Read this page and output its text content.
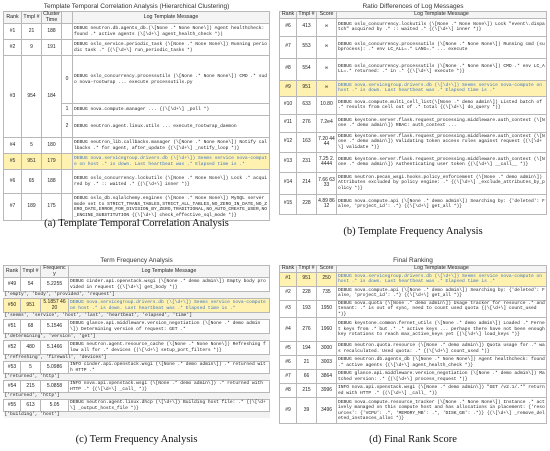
Template Temporal Correlation Analysis (Hierarchical Clustering)
Rank	Tmpl #	Cluster Time		Log Template Message
#1	21	188		DEBUG neutron.db.agents_db.(\[None .* None None\]) Agent healthcheck: found .* active agents (\[\d+\] agent_health_check *))
#2	9	191		DEBUG oslo_service.periodic_task (\[None .* None None\]) Running periodic task .* {(\[\d+\] run_periodic_tasks *)
#3	954	184	0	DEBUG oslo_concurrency.processutils (\[None .* None None\]) CMD .* sudo nova-rootwrap ... execute processutils.py
			1	DEBUG nova.compute.manager ... {(\[\d+\] _poll *)
			2	DEBUG neutron.agent.linux.utils ... execute_rootwrap_daemon
#4	5	180		DEBUG neutron_lib.callbacks.manager (\[None .* None None\]) Notify callbacks .* for agent, after_update {(\[\d+\] _notify_loop *)}
#5	951	179		DEBUG nova.servicegroup.drivers.db (\[\d+\]) Seems service nova-compute on host .* is down. Last heartbeat was .* Elapsed time is .*
#6	65	188		DEBUG oslo_concurrency.lockutils (\[None .* None None\]) Lock .* acquired by .* :: waited .* {(\[\d+\] inner *)}
#7	189	175		DEBUG oslo_db.sqlalchemy.engines (\[None .* None None\]) MySQL server mode set to STRICT_TRANS_TABLES,STRICT_ALL_TABLES,NO_ZERO_IN_DATE,NO_ZERO_DATE,ERROR_FOR_DIVISION_BY_ZERO,TRADITIONAL,NO_AUTO_CREATE_USER,NO_ENGINE_SUBSTITUTION {(\[\d+\] check_effective_sql_mode *)}
(a) Template Temporal Correlation Analysis
Ratio Differences of Log Messages
Rank	Tmpl #	Score	Log Template Message
#6	413	∞	DEBUG oslo_concurrency.lockutils (\[None .* None None\]) Lock "event\.dispatch" acquired by .* :: waited .* {(\[\d+\] inner *)}
#7	553	∞	DEBUG oslo_concurrency.processutils (\[None .* None None\]) Running cmd (subprocess): .* env LC_ALL=.* LANG=.* ... execute
#8	554	∞	DEBUG oslo_concurrency.processutils (\[None .* None None\]) CMD .* env LC_ALL=.* returned: .* in .* {(\[\d+\] execute *)}
#9	951	∞	DEBUG nova.servicegroup.drivers.db (\[\d+\]) Seems service nova-compute on host .* is down. Last heartbeat was .* Elapsed time is .*
#10	633	10.80	DEBUG nova.compute.multi_cell_list(\[None .* demo admin\]) Listed batch of .* results from cell out of .* total {(\[\d+\] do_query *)}
#11	276	7.2e4	DEBUG keystone.server.flask.request_processing.middleware.auth_context (\[None .* demo admin\]) RBAC: auth_context ...
#12	163	7.20 4444	DEBUG keystone.server.flask.request_processing.middleware.auth_context (\[None .* demo admin\]) Validating token access rules against request {(\[\d+\] validate *)}
#13	231	7.25 2.4444	DEBUG keystone.server.flask.request_processing.middleware.auth_context (\[None .* demo admin\]) Authenticating user token {(\[\d+\] __call__ *)}
#14	214	7.66 6333	DEBUG neutron.pecan_wsgi.hooks.policy_enforcement (\[None .* demo admin\]) Attributes excluded by policy engine: .* {(\[\d+\] _exclude_attributes_by_policy *)}
#15	228	4.89 8612	DEBUG nova.compute.api (\[None .* demo admin\]) Searching by: {'deleted': False, 'project_id': .*} {(\[\d+\] get_all *)}
(b) Template Frequency Analysis
Term Frequency Analysis
Rank	Tmpl #	Frequency	Log Template Message
#49	54	5.2255	DEBUG cinder.api.openstack.wsgi (\[None .* demo admin\]) Empty body provided in request {(\[\d+\] get_body *)}
['empty', 'body', 'provided', 'request']			
#50	951	5.1857 4620	DEBUG nova.servicegroup.drivers.db (\[\d+\]) Seems service nova-compute on host .* is down. Last heartbeat was .* Elapsed time is .*
['seems', 'service', 'host', 'last', 'heartbeat', 'elapsed', 'time']			
#51	68	5.1546	DEBUG glance.api.middleware.version_negotiation (\[None .* demo admin\]) Determining version of request: GET .*
['determining', 'version', 'get']			
#52	480	5.1466	DEBUG neutron.agent.resource_cache (\[None .* None None\]) Refreshing flow all for .* devices {(\[\d+\] setup_port_filters *)}
['refreshing', 'firewall', 'devices']			
#53	5	5.0986	INFO cinder.api.openstack.wsgi (\[None .* demo admin\]) .* returned with HTTP .*
['returned', 'http']			
#54	215	5.0858	INFO nova.api.openstack.wsgi (\[None .* demo admin\]) .* returned with HTTP .* {(\[\d+\] _call_ *)}
['returned', 'http']			
#55	613	5.05	DEBUG neutron.agent.linux.dhcp (\[\d+\]) Building host file: .* {(\[\d+\] _output_hosts_file *)}
['building', 'host']			
(c) Term Frequency Analysis
Final Ranking
Rank	Tmpl #	Score	Log Template Message
#1	951	250	DEBUG nova.servicegroup.drivers.db (\[\d+\]) Seems service nova-compute on host .* is down. Last heartbeat was .* Elapsed time is .*
#2	228	735	DEBUG nova.compute.api (\[None .* demo admin\]) Searching by: {'deleted': False, 'project_id': .*} {(\[\d+\] get_all *)}
#3	193	1950	DEBUG nova.quota (\[None .* demo admin\]) Usage tracker for resource .* and tenant: .* is out of sync, need to count used quota {(\[\d+\] count_used *)}
#4	276	1960	DEBUG keystone.common.fernet_utils (\[None .* demo admin\]) Loaded .* Fernet keys from .* but .* .* active keys ... perhaps there have not been enough key rotations to reach max_active_keys yet {(\[\d+\] load_keys *)}
#5	194	3000	DEBUG neutron.quota.resource (\[None .* demo admin\]) Quota usage for .* was recalculated. Used quota: .* {(\[\d+\] count_used *)}
#6	21	3003	DEBUG neutron.db.agents_db (\[None .* None None\]) Agent healthcheck: found .* active agents {(\[\d+\] agent_health_check *)}
#7	66	3864	DEBUG glance.api.middleware.version_negotiation (\[None .* demo admin\]) Matched version: .* {(\[\d+\] process_request *)}
#8	215	3996	INFO nova.api.openstack.wsgi (\[None .* demo admin\]) "GET /v2.1/.*" returned with HTTP .* {(\[\d+\] _call_ *)}
#9	39	3496	DEBUG nova.compute.resource_tracker (\[None .* None None\]) Instance .* actively managed on this compute host and has allocations in placement: {'resources': {'VCPU': .*, 'MEMORY_MB': .*, 'DISK_GB': .*}} {(\[\d+\] _remove_deleted_instances_alloc *)}
(d) Final Rank Score
